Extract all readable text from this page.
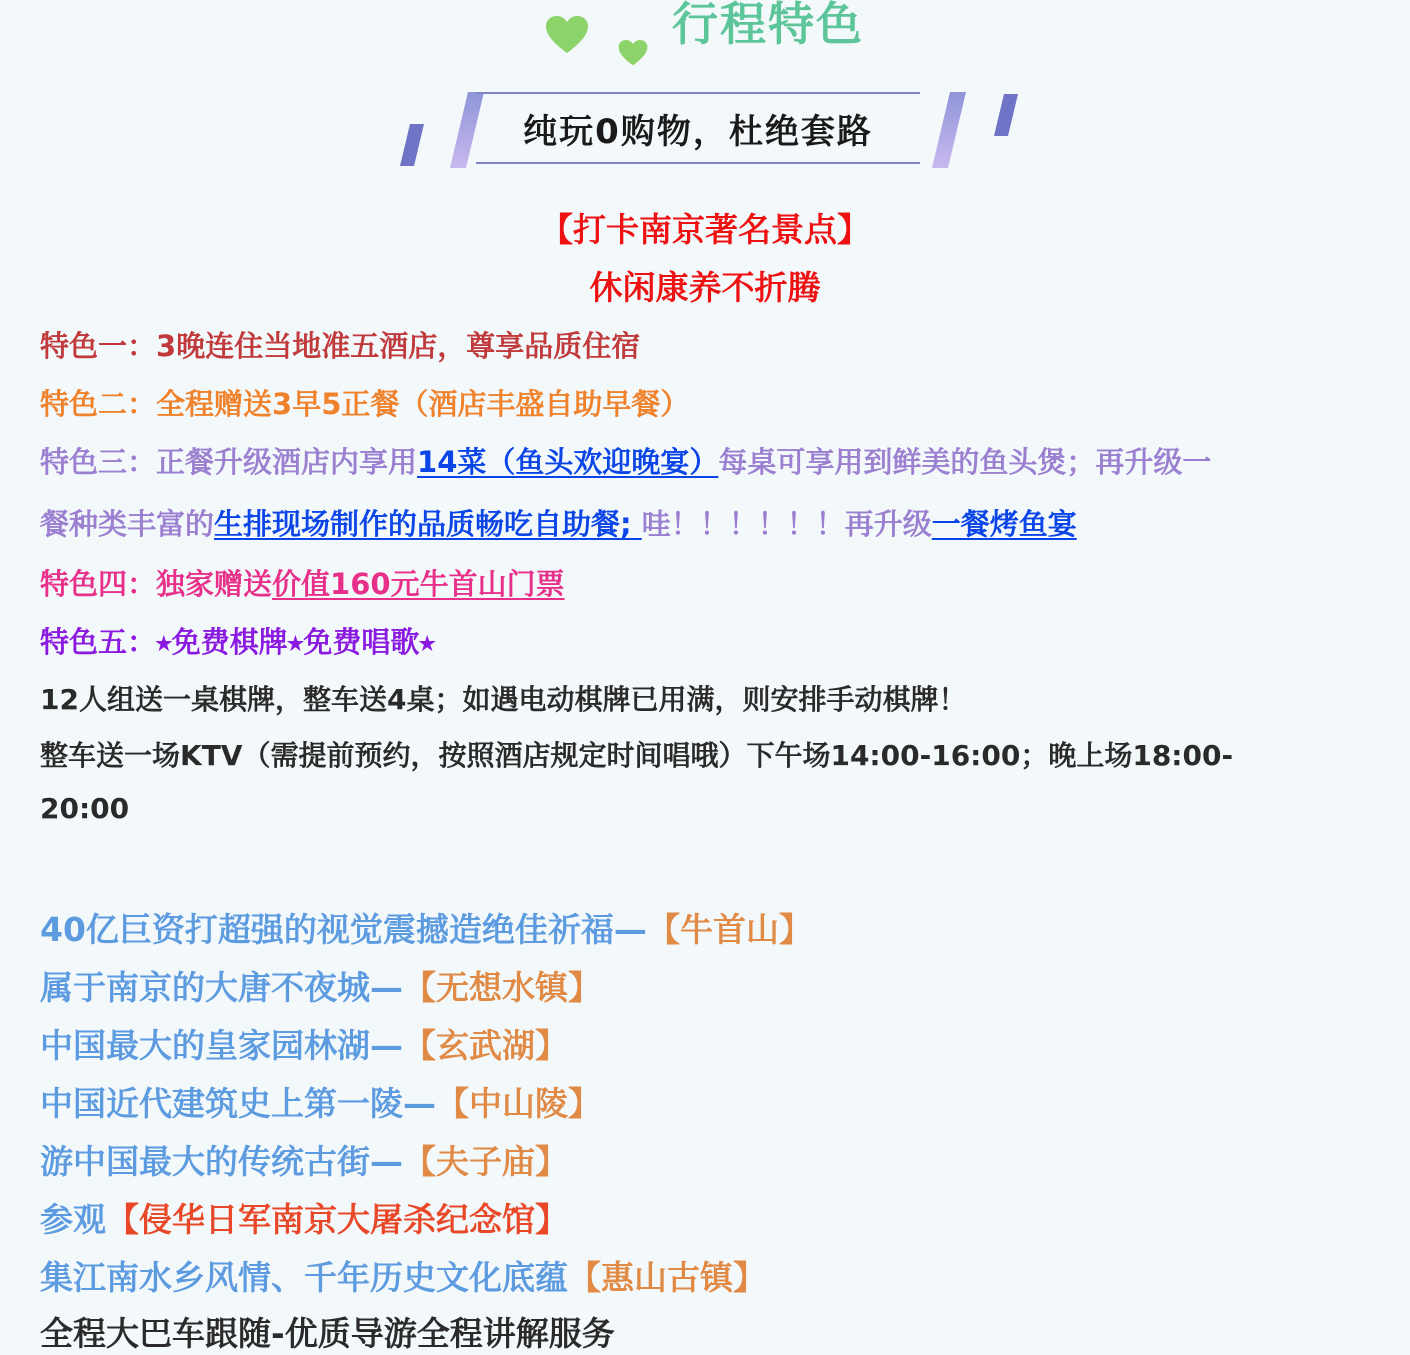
行程特色
纯玩0购物，杜绝套路
【打卡南京著名景点】
休闲康养不折腾
特色一：3晚连住当地准五酒店，尊享品质住宿
特色二：全程赠送3早5正餐（酒店丰盛自助早餐）
特色三：正餐升级酒店内享用14菜（鱼头欢迎晚宴）每桌可享用到鲜美的鱼头煲；再升级一
餐种类丰富的生排现场制作的品质畅吃自助餐; 哇！！！！！！再升级一餐烤鱼宴
特色四：独家赠送价值160元牛首山门票
特色五：⭑免费棋牌⭑免费唱歌⭑
12人组送一桌棋牌，整车送4桌；如遇电动棋牌已用满，则安排手动棋牌！
整车送一场KTV（需提前预约，按照酒店规定时间唱哦）下午场14:00-16:00；晚上场18:00-
20:00
40亿巨资打超强的视觉震撼造绝佳祈福—【牛首山】
属于南京的大唐不夜城—【无想水镇】
中国最大的皇家园林湖—【玄武湖】
中国近代建筑史上第一陵—【中山陵】
游中国最大的传统古街—【夫子庙】
参观【侵华日军南京大屠杀纪念馆】
集江南水乡风情、千年历史文化底蕴【惠山古镇】
全程大巴车跟随-优质导游全程讲解服务
